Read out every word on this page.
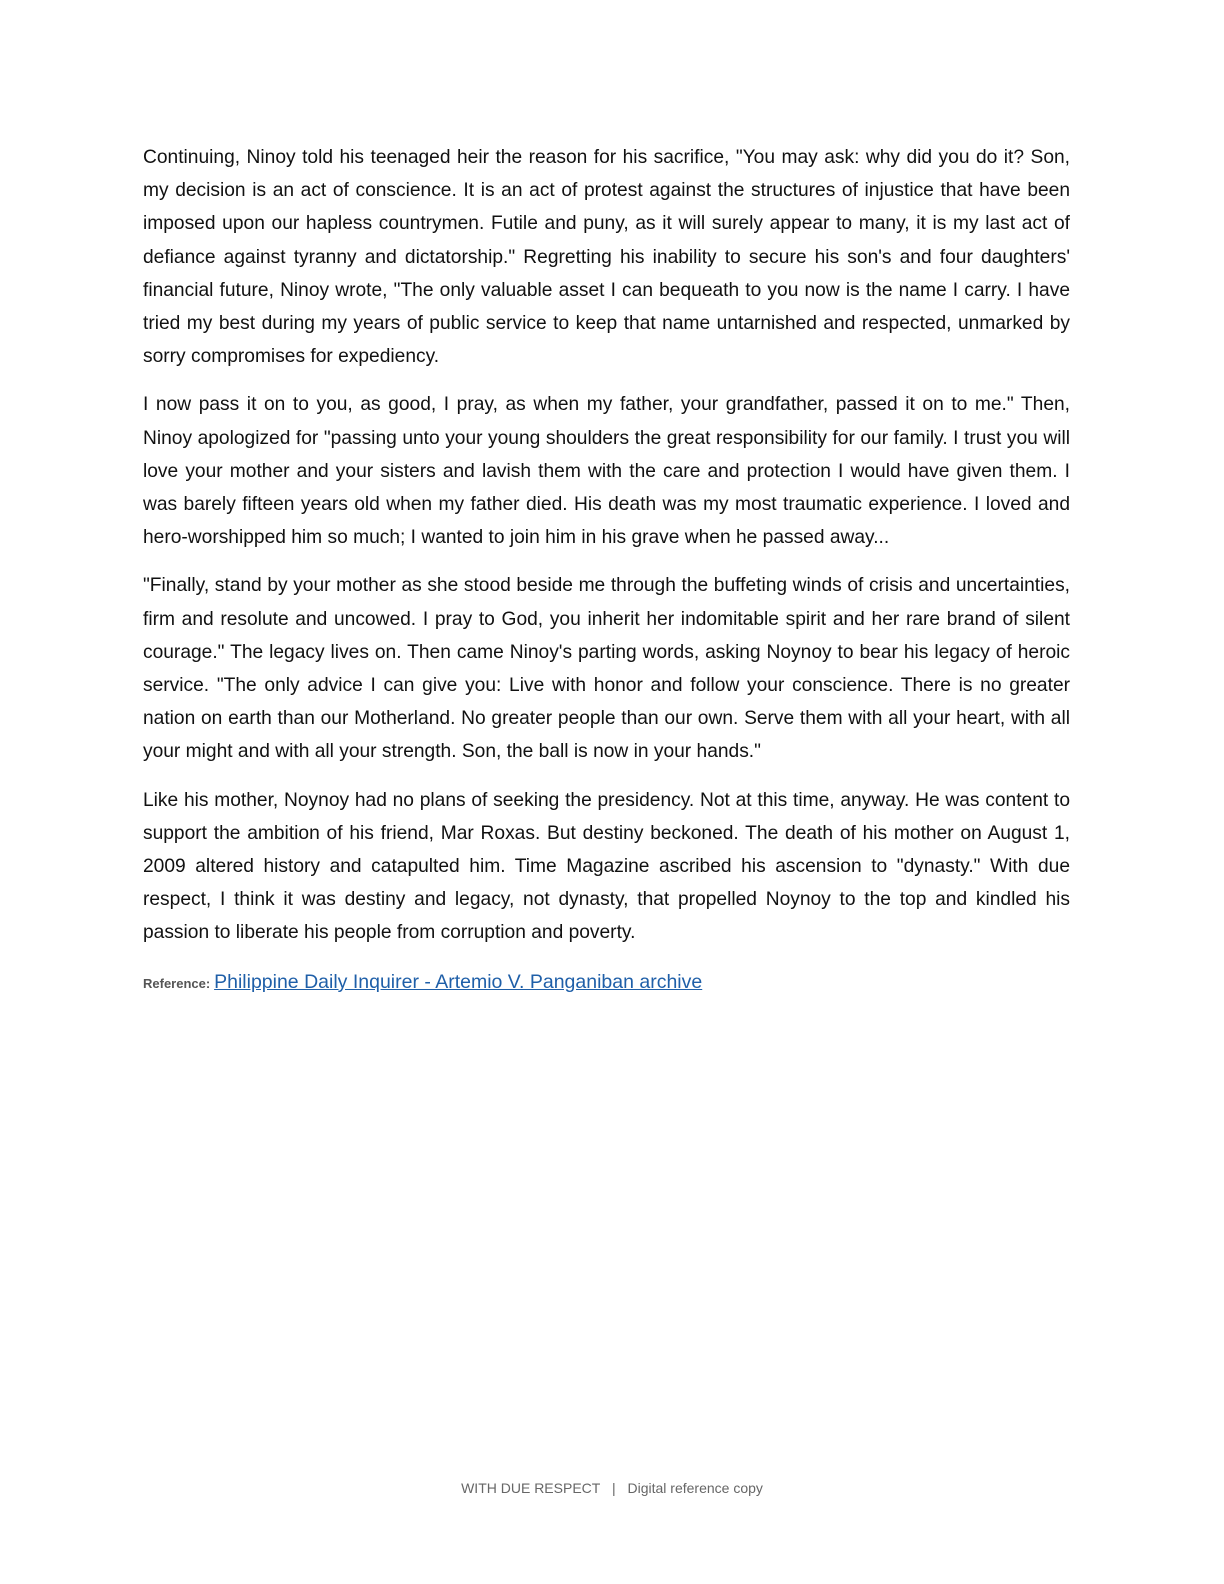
Continuing, Ninoy told his teenaged heir the reason for his sacrifice, "You may ask: why did you do it? Son, my decision is an act of conscience. It is an act of protest against the structures of injustice that have been imposed upon our hapless countrymen. Futile and puny, as it will surely appear to many, it is my last act of defiance against tyranny and dictatorship." Regretting his inability to secure his son's and four daughters' financial future, Ninoy wrote, "The only valuable asset I can bequeath to you now is the name I carry. I have tried my best during my years of public service to keep that name untarnished and respected, unmarked by sorry compromises for expediency.

I now pass it on to you, as good, I pray, as when my father, your grandfather, passed it on to me." Then, Ninoy apologized for "passing unto your young shoulders the great responsibility for our family. I trust you will love your mother and your sisters and lavish them with the care and protection I would have given them. I was barely fifteen years old when my father died. His death was my most traumatic experience. I loved and hero-worshipped him so much; I wanted to join him in his grave when he passed away...

"Finally, stand by your mother as she stood beside me through the buffeting winds of crisis and uncertainties, firm and resolute and uncowed. I pray to God, you inherit her indomitable spirit and her rare brand of silent courage." The legacy lives on. Then came Ninoy's parting words, asking Noynoy to bear his legacy of heroic service. "The only advice I can give you: Live with honor and follow your conscience. There is no greater nation on earth than our Motherland. No greater people than our own. Serve them with all your heart, with all your might and with all your strength. Son, the ball is now in your hands."

Like his mother, Noynoy had no plans of seeking the presidency. Not at this time, anyway. He was content to support the ambition of his friend, Mar Roxas. But destiny beckoned. The death of his mother on August 1, 2009 altered history and catapulted him. Time Magazine ascribed his ascension to "dynasty." With due respect, I think it was destiny and legacy, not dynasty, that propelled Noynoy to the top and kindled his passion to liberate his people from corruption and poverty.

Reference: Philippine Daily Inquirer - Artemio V. Panganiban archive
WITH DUE RESPECT | Digital reference copy
